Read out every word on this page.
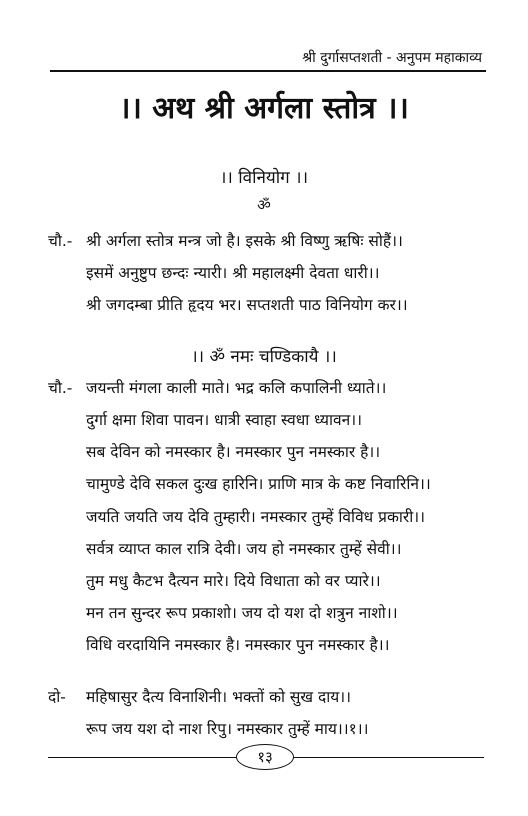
श्री दुर्गासप्तशती - अनुपम महाकाव्य
।। अथ श्री अर्गला स्तोत्र ।।
।। विनियोग ।।
ॐ
चौ.- श्री अर्गला स्तोत्र मन्त्र जो है। इसके श्री विष्णु ऋषिः सोहैं।।
इसमें अनुष्टुप छन्दः न्यारी। श्री महालक्ष्मी देवता धारी।।
श्री जगदम्बा प्रीति हृदय भर। सप्तशती पाठ विनियोग कर।।
।। ॐ नमः चण्डिकायै ।।
चौ.- जयन्ती मंगला काली माते। भद्र कलि कपालिनी ध्याते।।
दुर्गा क्षमा शिवा पावन। धात्री स्वाहा स्वधा ध्यावन।।
सब देविन को नमस्कार है। नमस्कार पुन नमस्कार है।।
चामुण्डे देवि सकल दुःख हारिनि। प्राणि मात्र के कष्ट निवारिनि।।
जयति जयति जय देवि तुम्हारी। नमस्कार तुम्हें विविध प्रकारी।।
सर्वत्र व्याप्त काल रात्रि देवी। जय हो नमस्कार तुम्हें सेवी।।
तुम मधु कैटभ दैत्यन मारे। दिये विधाता को वर प्यारे।।
मन तन सुन्दर रूप प्रकाशो। जय दो यश दो शत्रुन नाशो।।
विधि वरदायिनि नमस्कार है। नमस्कार पुन नमस्कार है।।
दो- महिषासुर दैत्य विनाशिनी। भक्तों को सुख दाय।।
रूप जय यश दो नाश रिपु। नमस्कार तुम्हें माय।।१।।
१३
